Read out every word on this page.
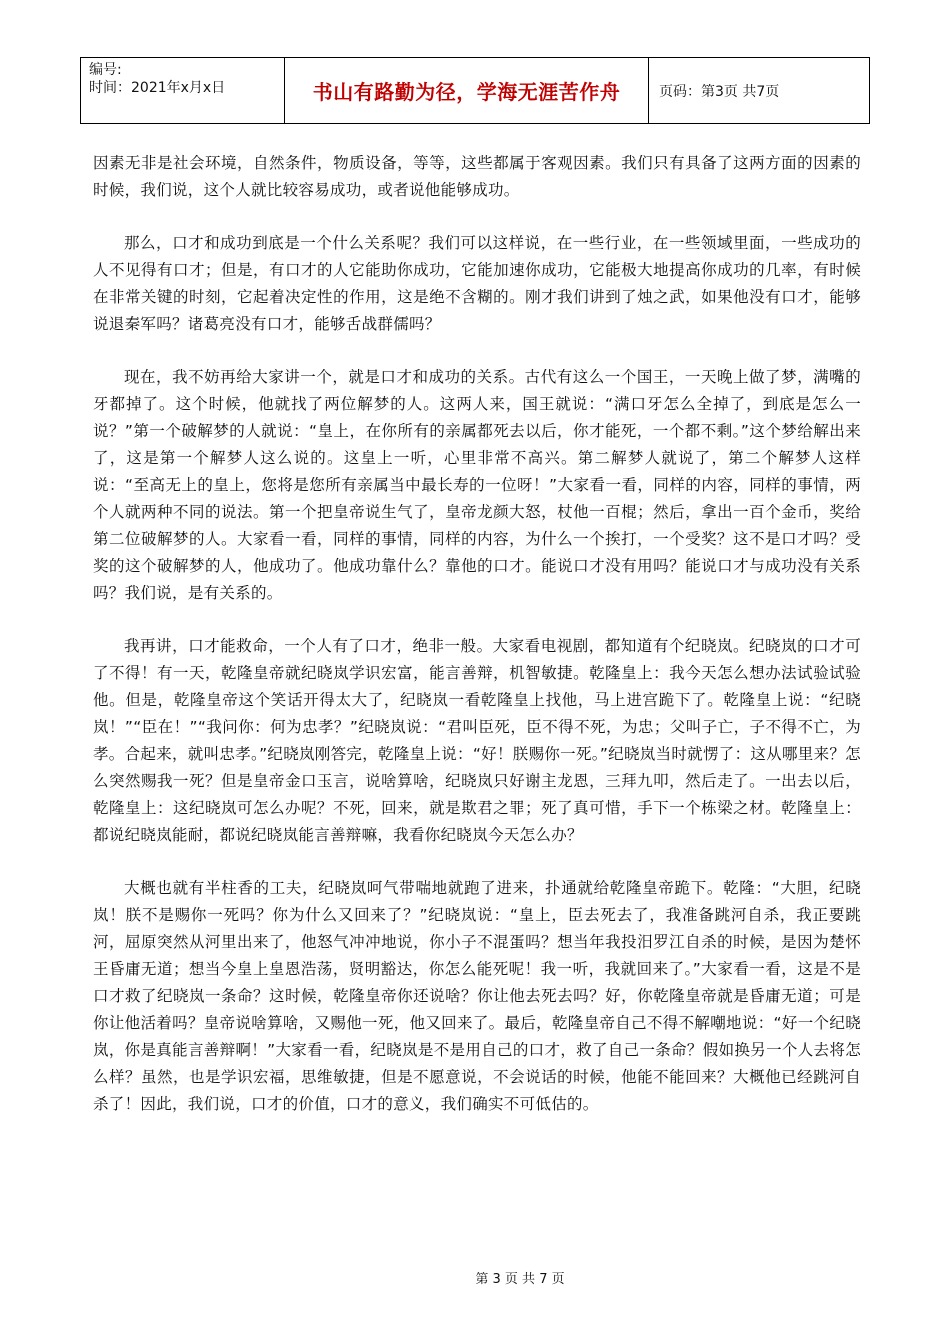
编号:
时间：2021年x月x日	书山有路勤为径，学海无涯苦作舟	页码：第3页 共7页

因素无非是社会环境，自然条件，物质设备，等等，这些都属于客观因素。我们只有具备了这两方面的因素的时候，我们说，这个人就比较容易成功，或者说他能够成功。

那么，口才和成功到底是一个什么关系呢？我们可以这样说，在一些行业，在一些领域里面，一些成功的人不见得有口才；但是，有口才的人它能助你成功，它能加速你成功，它能极大地提高你成功的几率，有时候在非常关键的时刻，它起着决定性的作用，这是绝不含糊的。刚才我们讲到了烛之武，如果他没有口才，能够说退秦军吗？诸葛亮没有口才，能够舌战群儒吗？

现在，我不妨再给大家讲一个，就是口才和成功的关系。古代有这么一个国王，一天晚上做了梦，满嘴的牙都掉了。这个时候，他就找了两位解梦的人。这两人来，国王就说：“满口牙怎么全掉了，到底是怎么一说？”第一个破解梦的人就说：“皇上，在你所有的亲属都死去以后，你才能死，一个都不剩。”这个梦给解出来了，这是第一个解梦人这么说的。这皇上一听，心里非常不高兴。第二解梦人就说了，第二个解梦人这样说：“至高无上的皇上，您将是您所有亲属当中最长寿的一位呀！”大家看一看，同样的内容，同样的事情，两个人就两种不同的说法。第一个把皇帝说生气了，皇帝龙颜大怒，杖他一百棍；然后，拿出一百个金币，奖给第二位破解梦的人。大家看一看，同样的事情，同样的内容，为什么一个挨打，一个受奖？这不是口才吗？受奖的这个破解梦的人，他成功了。他成功靠什么？靠他的口才。能说口才没有用吗？能说口才与成功没有关系吗？我们说，是有关系的。

我再讲，口才能救命，一个人有了口才，绝非一般。大家看电视剧，都知道有个纪晓岚。纪晓岚的口才可了不得！有一天，乾隆皇帝就纪晓岚学识宏富，能言善辩，机智敏捷。乾隆皇上：我今天怎么想办法试验试验他。但是，乾隆皇帝这个笑话开得太大了，纪晓岚一看乾隆皇上找他，马上进宫跪下了。乾隆皇上说：“纪晓岚！”“臣在！”“我问你：何为忠孝？”纪晓岚说：“君叫臣死，臣不得不死，为忠；父叫子亡，子不得不亡，为孝。合起来，就叫忠孝。”纪晓岚刚答完，乾隆皇上说：“好！朕赐你一死。”纪晓岚当时就愣了：这从哪里来？怎么突然赐我一死？但是皇帝金口玉言，说啥算啥，纪晓岚只好谢主龙恩，三拜九叩，然后走了。一出去以后，乾隆皇上：这纪晓岚可怎么办呢？不死，回来，就是欺君之罪；死了真可惜，手下一个栋梁之材。乾隆皇上：都说纪晓岚能耐，都说纪晓岚能言善辩嘛，我看你纪晓岚今天怎么办？

大概也就有半柱香的工夫，纪晓岚呵气带喘地就跑了进来，扑通就给乾隆皇帝跪下。乾隆：“大胆，纪晓岚！朕不是赐你一死吗？你为什么又回来了？”纪晓岚说：“皇上，臣去死去了，我准备跳河自杀，我正要跳河，屈原突然从河里出来了，他怒气冲冲地说，你小子不混蛋吗？想当年我投汨罗江自杀的时候，是因为楚怀王昏庸无道；想当今皇上皇恩浩荡，贤明豁达，你怎么能死呢！我一听，我就回来了。”大家看一看，这是不是口才救了纪晓岚一条命？这时候，乾隆皇帝你还说啥？你让他去死去吗？好，你乾隆皇帝就是昏庸无道；可是你让他活着吗？皇帝说啥算啥，又赐他一死，他又回来了。最后，乾隆皇帝自己不得不解嘲地说：“好一个纪晓岚，你是真能言善辩啊！”大家看一看，纪晓岚是不是用自己的口才，救了自己一条命？假如换另一个人去将怎么样？虽然，也是学识宏福，思维敏捷，但是不愿意说，不会说话的时候，他能不能回来？大概他已经跳河自杀了！因此，我们说，口才的价值，口才的意义，我们确实不可低估的。

第 3 页 共 7 页
